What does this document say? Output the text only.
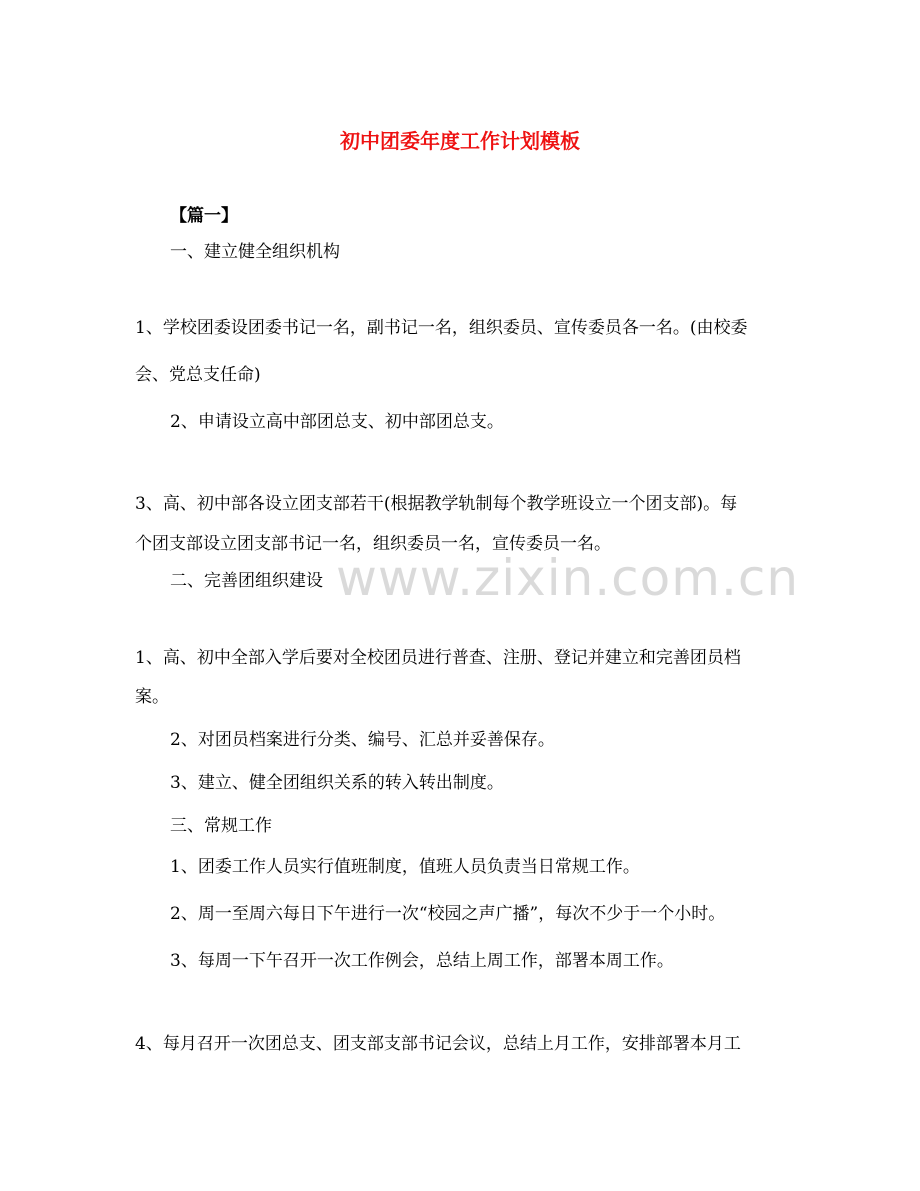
初中团委年度工作计划模板
【篇一】
一、建立健全组织机构
1、学校团委设团委书记一名，副书记一名，组织委员、宣传委员各一名。(由校委
会、党总支任命)
2、申请设立高中部团总支、初中部团总支。
3、高、初中部各设立团支部若干(根据教学轨制每个教学班设立一个团支部)。每
个团支部设立团支部书记一名，组织委员一名，宣传委员一名。
二、完善团组织建设
1、高、初中全部入学后要对全校团员进行普查、注册、登记并建立和完善团员档
案。
2、对团员档案进行分类、编号、汇总并妥善保存。
3、建立、健全团组织关系的转入转出制度。
三、常规工作
1、团委工作人员实行值班制度，值班人员负责当日常规工作。
2、周一至周六每日下午进行一次“校园之声广播”，每次不少于一个小时。
3、每周一下午召开一次工作例会，总结上周工作，部署本周工作。
4、每月召开一次团总支、团支部支部书记会议，总结上月工作，安排部署本月工
www.zixin.com.cn
